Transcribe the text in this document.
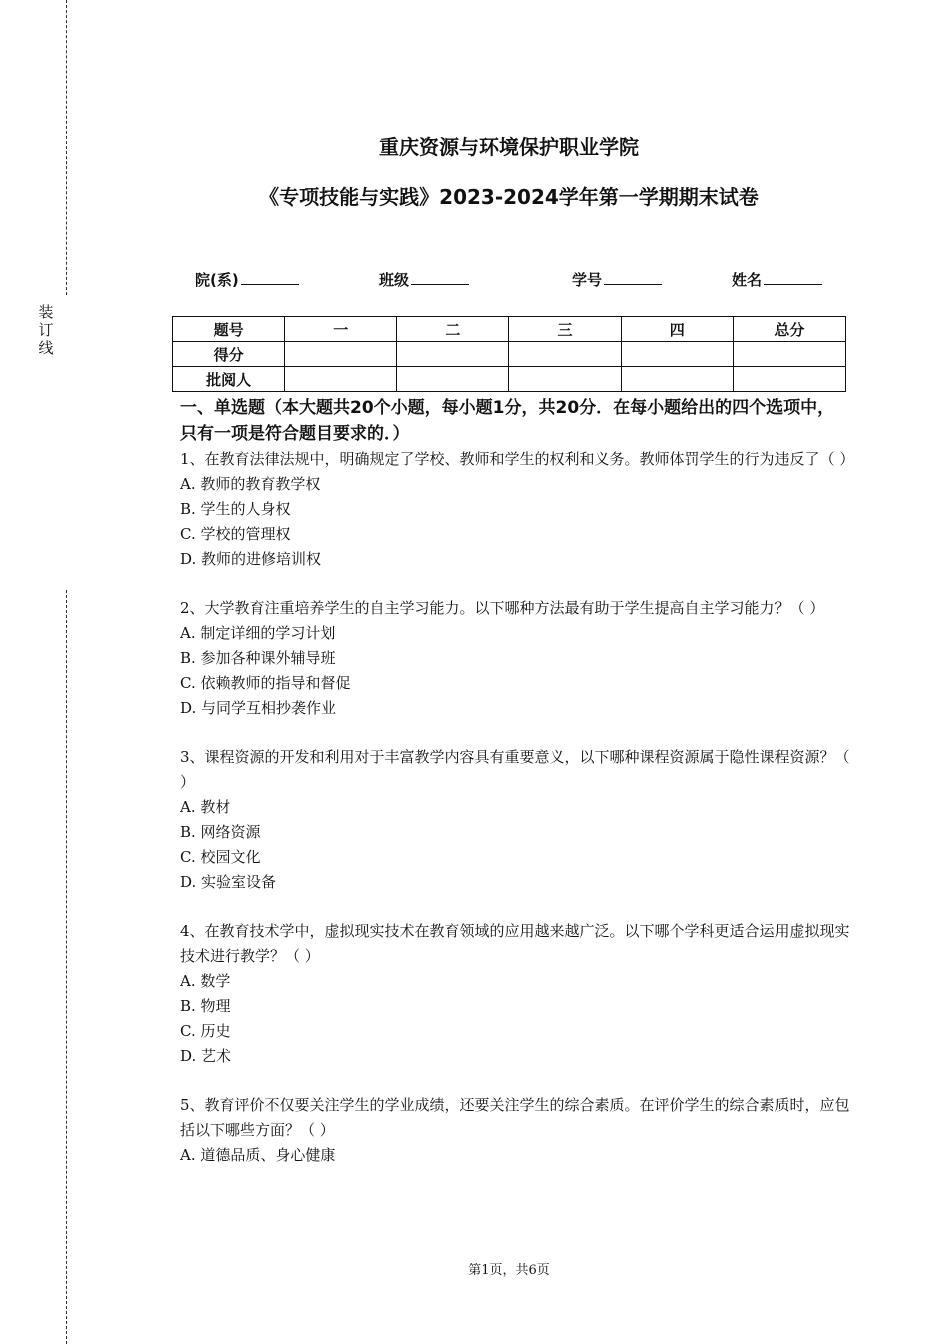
装订线
重庆资源与环境保护职业学院
《专项技能与实践》2023-2024学年第一学期期末试卷
院(系)	班级	学号	姓名
题号	一	二	三	四	总分
得分					
批阅人					
一、单选题（本大题共20个小题，每小题1分，共20分．在每小题给出的四个选项中，只有一项是符合题目要求的．）
1、在教育法律法规中，明确规定了学校、教师和学生的权利和义务。教师体罚学生的行为违反了（ ）
A. 教师的教育教学权
B. 学生的人身权
C. 学校的管理权
D. 教师的进修培训权
2、大学教育注重培养学生的自主学习能力。以下哪种方法最有助于学生提高自主学习能力？（ ）
A. 制定详细的学习计划
B. 参加各种课外辅导班
C. 依赖教师的指导和督促
D. 与同学互相抄袭作业
3、课程资源的开发和利用对于丰富教学内容具有重要意义，以下哪种课程资源属于隐性课程资源？（ ）
A. 教材
B. 网络资源
C. 校园文化
D. 实验室设备
4、在教育技术学中，虚拟现实技术在教育领域的应用越来越广泛。以下哪个学科更适合运用虚拟现实技术进行教学？（ ）
A. 数学
B. 物理
C. 历史
D. 艺术
5、教育评价不仅要关注学生的学业成绩，还要关注学生的综合素质。在评价学生的综合素质时，应包括以下哪些方面？（ ）
A. 道德品质、身心健康
第1页，共6页
